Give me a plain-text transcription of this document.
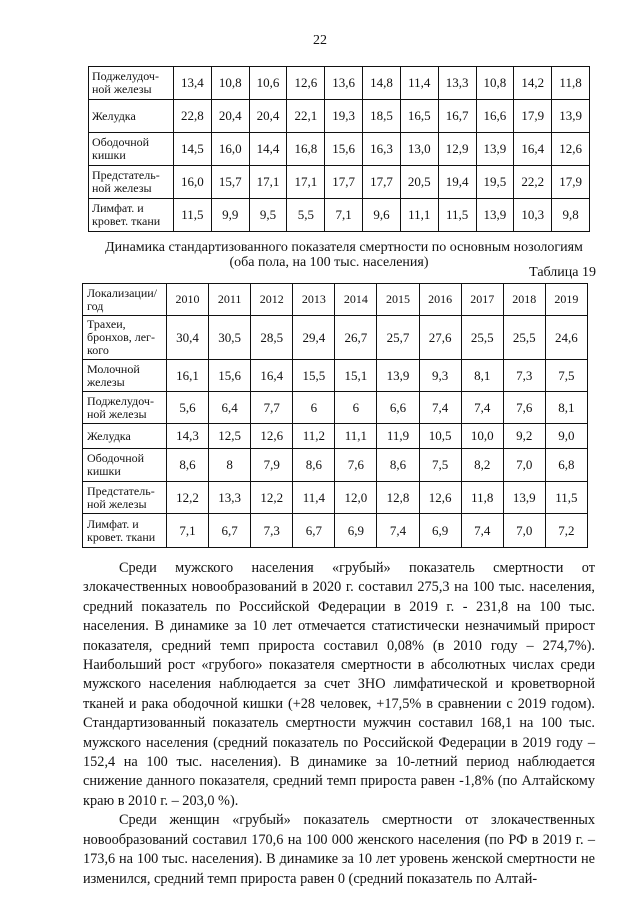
22
Поджелудоч-ной железы	13,4	10,8	10,6	12,6	13,6	14,8	11,4	13,3	10,8	14,2	11,8
Желудка	22,8	20,4	20,4	22,1	19,3	18,5	16,5	16,7	16,6	17,9	13,9
Ободочной кишки	14,5	16,0	14,4	16,8	15,6	16,3	13,0	12,9	13,9	16,4	12,6
Предстатель-ной железы	16,0	15,7	17,1	17,1	17,7	17,7	20,5	19,4	19,5	22,2	17,9
Лимфат. и кровет. ткани	11,5	9,9	9,5	5,5	7,1	9,6	11,1	11,5	13,9	10,3	9,8
Динамика стандартизованного показателя смертности по основным нозологиям
(оба пола, на 100 тыс. населения)
Таблица 19
Локализации/ год	2010	2011	2012	2013	2014	2015	2016	2017	2018	2019
Трахеи, бронхов, лег-кого	30,4	30,5	28,5	29,4	26,7	25,7	27,6	25,5	25,5	24,6
Молочной железы	16,1	15,6	16,4	15,5	15,1	13,9	9,3	8,1	7,3	7,5
Поджелудоч-ной железы	5,6	6,4	7,7	6	6	6,6	7,4	7,4	7,6	8,1
Желудка	14,3	12,5	12,6	11,2	11,1	11,9	10,5	10,0	9,2	9,0
Ободочной кишки	8,6	8	7,9	8,6	7,6	8,6	7,5	8,2	7,0	6,8
Предстатель-ной железы	12,2	13,3	12,2	11,4	12,0	12,8	12,6	11,8	13,9	11,5
Лимфат. и кровет. ткани	7,1	6,7	7,3	6,7	6,9	7,4	6,9	7,4	7,0	7,2

Среди мужского населения «грубый» показатель смертности от злокачественных новообразований в 2020 г. составил 275,3 на 100 тыс. населения, средний показатель по Российской Федерации в 2019 г. - 231,8 на 100 тыс. населения. В динамике за 10 лет отмечается статистически незначимый прирост показателя, средний темп прироста составил 0,08% (в 2010 году – 274,7%). Наибольший рост «грубого» показателя смертности в абсолютных числах среди мужского населения наблюдается за счет ЗНО лимфатической и кроветворной тканей и рака ободочной кишки (+28 человек, +17,5% в сравнении с 2019 годом). Стандартизованный показатель смертности мужчин составил 168,1 на 100 тыс. мужского населения (средний показатель по Российской Федерации в 2019 году – 152,4 на 100 тыс. населения). В динамике за 10-летний период наблюдается снижение данного показателя, средний темп прироста равен -1,8% (по Алтайскому краю в 2010 г. – 203,0 %).

Среди женщин «грубый» показатель смертности от злокачественных новообразований составил 170,6 на 100 000 женского населения (по РФ в 2019 г. – 173,6 на 100 тыс. населения). В динамике за 10 лет уровень женской смертности не изменился, средний темп прироста равен 0 (средний показатель по Алтай-
